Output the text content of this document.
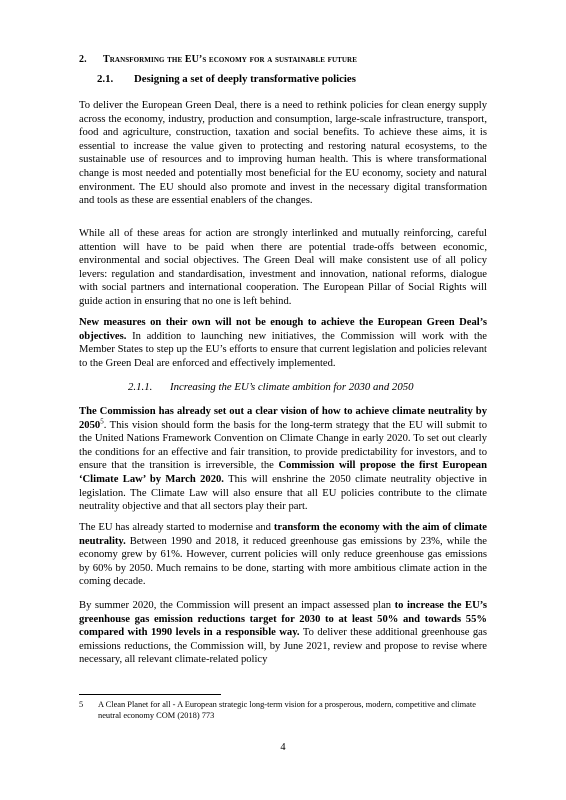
2. Transforming the EU’s economy for a sustainable future
2.1. Designing a set of deeply transformative policies

To deliver the European Green Deal, there is a need to rethink policies for clean energy supply across the economy, industry, production and consumption, large-scale infrastructure, transport, food and agriculture, construction, taxation and social benefits. To achieve these aims, it is essential to increase the value given to protecting and restoring natural ecosystems, to the sustainable use of resources and to improving human health. This is where transformational change is most needed and potentially most beneficial for the EU economy, society and natural environment. The EU should also promote and invest in the necessary digital transformation and tools as these are essential enablers of the changes.

While all of these areas for action are strongly interlinked and mutually reinforcing, careful attention will have to be paid when there are potential trade-offs between economic, environmental and social objectives. The Green Deal will make consistent use of all policy levers: regulation and standardisation, investment and innovation, national reforms, dialogue with social partners and international cooperation. The European Pillar of Social Rights will guide action in ensuring that no one is left behind.

New measures on their own will not be enough to achieve the European Green Deal’s objectives. In addition to launching new initiatives, the Commission will work with the Member States to step up the EU’s efforts to ensure that current legislation and policies relevant to the Green Deal are enforced and effectively implemented.

2.1.1. Increasing the EU’s climate ambition for 2030 and 2050

The Commission has already set out a clear vision of how to achieve climate neutrality by 2050$^5$. This vision should form the basis for the long-term strategy that the EU will submit to the United Nations Framework Convention on Climate Change in early 2020. To set out clearly the conditions for an effective and fair transition, to provide predictability for investors, and to ensure that the transition is irreversible, the Commission will propose the first European ‘Climate Law’ by March 2020. This will enshrine the 2050 climate neutrality objective in legislation. The Climate Law will also ensure that all EU policies contribute to the climate neutrality objective and that all sectors play their part.

The EU has already started to modernise and transform the economy with the aim of climate neutrality. Between 1990 and 2018, it reduced greenhouse gas emissions by 23%, while the economy grew by 61%. However, current policies will only reduce greenhouse gas emissions by 60% by 2050. Much remains to be done, starting with more ambitious climate action in the coming decade.

By summer 2020, the Commission will present an impact assessed plan to increase the EU’s greenhouse gas emission reductions target for 2030 to at least 50% and towards 55% compared with 1990 levels in a responsible way. To deliver these additional greenhouse gas emissions reductions, the Commission will, by June 2021, review and propose to revise where necessary, all relevant climate-related policy

5 A Clean Planet for all - A European strategic long-term vision for a prosperous, modern, competitive and climate neutral economy COM (2018) 773
4
